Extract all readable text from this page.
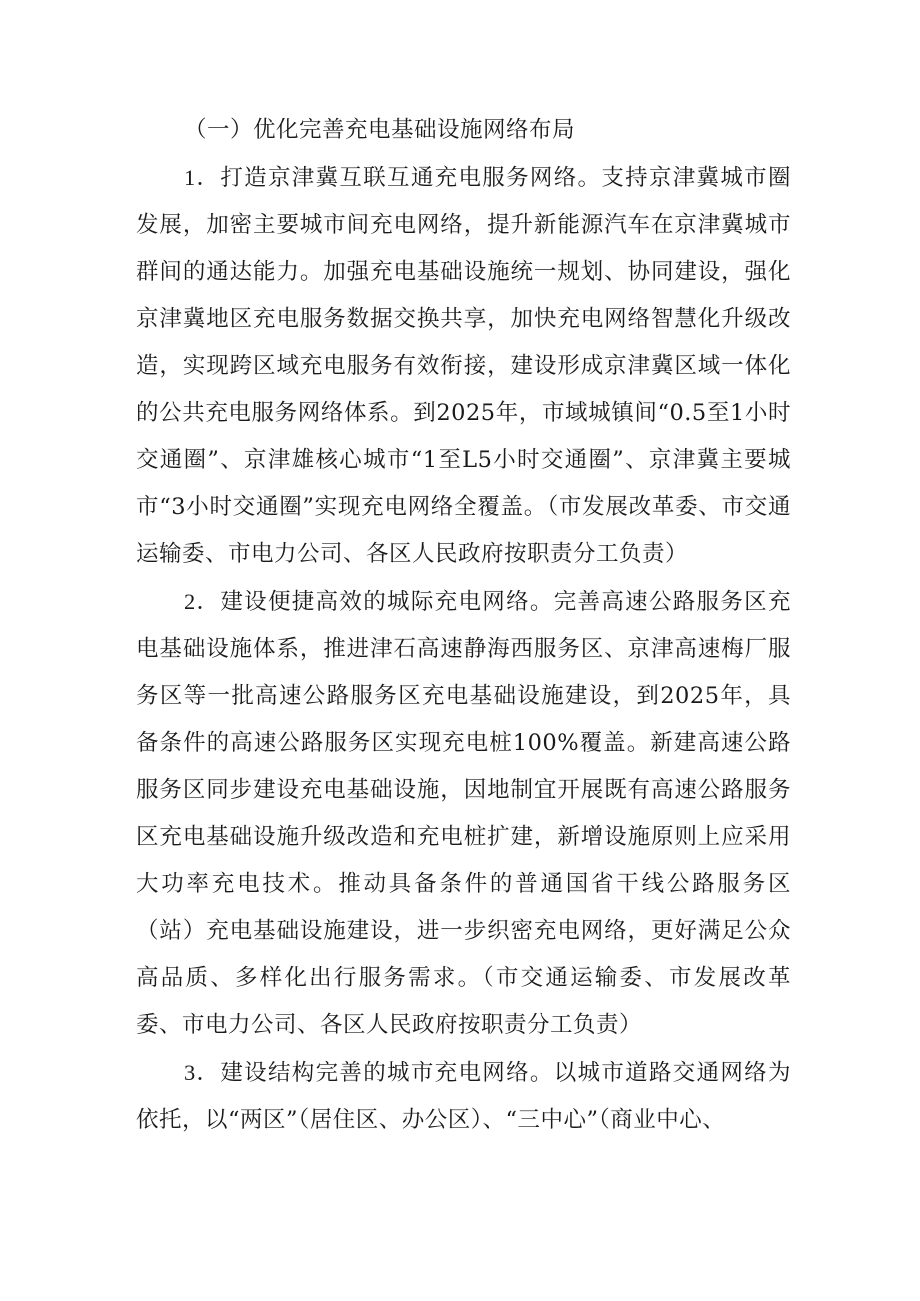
（一）优化完善充电基础设施网络布局

1．打造京津冀互联互通充电服务网络。支持京津冀城市圈发展，加密主要城市间充电网络，提升新能源汽车在京津冀城市群间的通达能力。加强充电基础设施统一规划、协同建设，强化京津冀地区充电服务数据交换共享，加快充电网络智慧化升级改造，实现跨区域充电服务有效衔接，建设形成京津冀区域一体化的公共充电服务网络体系。到2025年，市域城镇间“0.5至1小时交通圈”、京津雄核心城市“1至L5小时交通圈”、京津冀主要城市“3小时交通圈”实现充电网络全覆盖。（市发展改革委、市交通运输委、市电力公司、各区人民政府按职责分工负责）

2．建设便捷高效的城际充电网络。完善高速公路服务区充电基础设施体系，推进津石高速静海西服务区、京津高速梅厂服务区等一批高速公路服务区充电基础设施建设，到2025年，具备条件的高速公路服务区实现充电桩100%覆盖。新建高速公路服务区同步建设充电基础设施，因地制宜开展既有高速公路服务区充电基础设施升级改造和充电桩扩建，新增设施原则上应采用大功率充电技术。推动具备条件的普通国省干线公路服务区（站）充电基础设施建设，进一步织密充电网络，更好满足公众高品质、多样化出行服务需求。（市交通运输委、市发展改革委、市电力公司、各区人民政府按职责分工负责）

3．建设结构完善的城市充电网络。以城市道路交通网络为依托，以“两区”（居住区、办公区）、“三中心”（商业中心、
